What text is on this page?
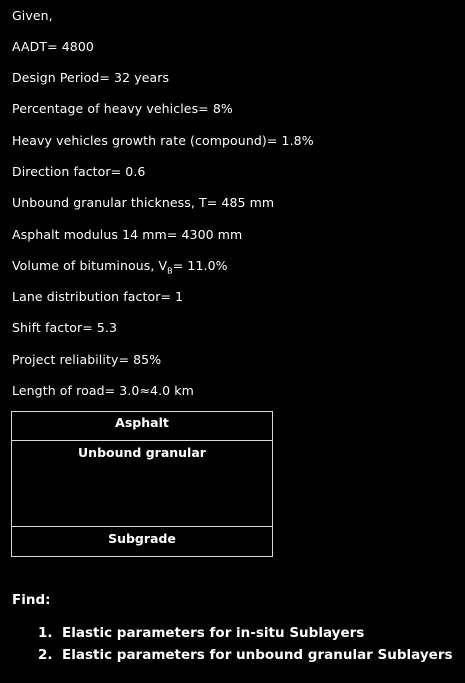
Given,
AADT= 4800
Design Period= 32 years
Percentage of heavy vehicles= 8%
Heavy vehicles growth rate (compound)= 1.8%
Direction factor= 0.6
Unbound granular thickness, T= 485 mm
Asphalt modulus 14 mm= 4300 mm
Volume of bituminous, $V_B= 11.0\%$
Lane distribution factor= 1
Shift factor= 5.3
Project reliability= 85%
Length of road= 3.0≈4.0 km
Asphalt
Unbound granular
Subgrade
Find:
1. Elastic parameters for in-situ Sublayers
2. Elastic parameters for unbound granular Sublayers
